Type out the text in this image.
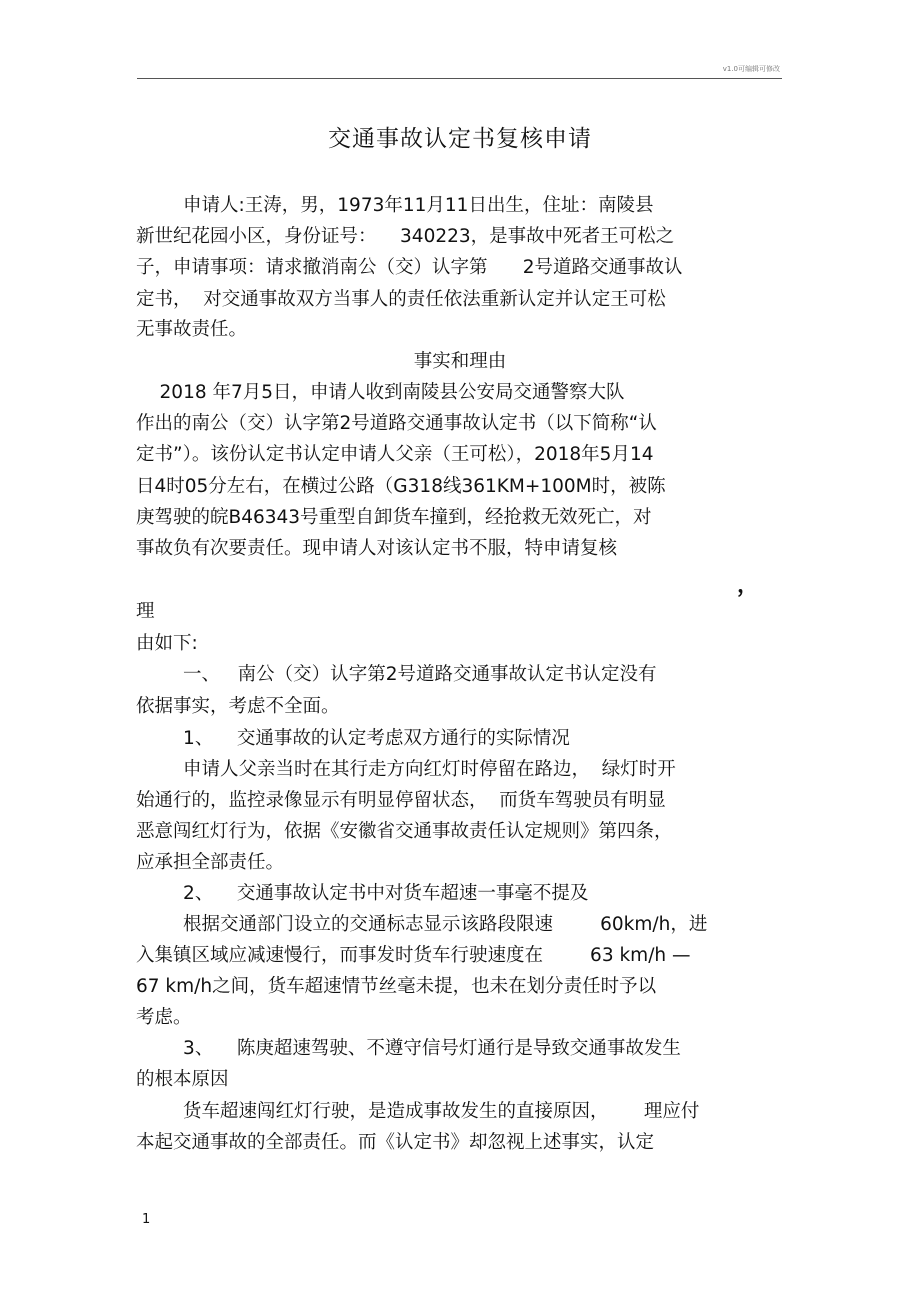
v1.0可编辑可修改
交通事故认定书复核申请
申请人:王涛，男，1973年11月11日出生，住址：南陵县
新世纪花园小区，身份证号：    340223，是事故中死者王可松之
子，申请事项：请求撤消南公（交）认字第      2号道路交通事故认
定书，  对交通事故双方当事人的责任依法重新认定并认定王可松
无事故责任。
事实和理由
2018 年7月5日，申请人收到南陵县公安局交通警察大队
作出的南公（交）认字第2号道路交通事故认定书（以下简称“认
定书”）。该份认定书认定申请人父亲（王可松），2018年5月14
日4时05分左右，在横过公路（G318线361KM+100M时，被陈
庚驾驶的皖B46343号重型自卸货车撞到，经抢救无效死亡，对
事故负有次要责任。现申请人对该认定书不服，特申请复核
，
理
由如下:
一、   南公（交）认字第2号道路交通事故认定书认定没有
依据事实，考虑不全面。
1、    交通事故的认定考虑双方通行的实际情况
申请人父亲当时在其行走方向红灯时停留在路边，  绿灯时开
始通行的，监控录像显示有明显停留状态，  而货车驾驶员有明显
恶意闯红灯行为，依据《安徽省交通事故责任认定规则》第四条，
应承担全部责任。
2、    交通事故认定书中对货车超速一事毫不提及
根据交通部门设立的交通标志显示该路段限速        60km/h，进
入集镇区域应减速慢行，而事发时货车行驶速度在        63 km/h —
67 km/h之间，货车超速情节丝毫未提，也未在划分责任时予以
考虑。
3、    陈庚超速驾驶、不遵守信号灯通行是导致交通事故发生
的根本原因
货车超速闯红灯行驶，是造成事故发生的直接原因，      理应付
本起交通事故的全部责任。而《认定书》却忽视上述事实，认定
1
